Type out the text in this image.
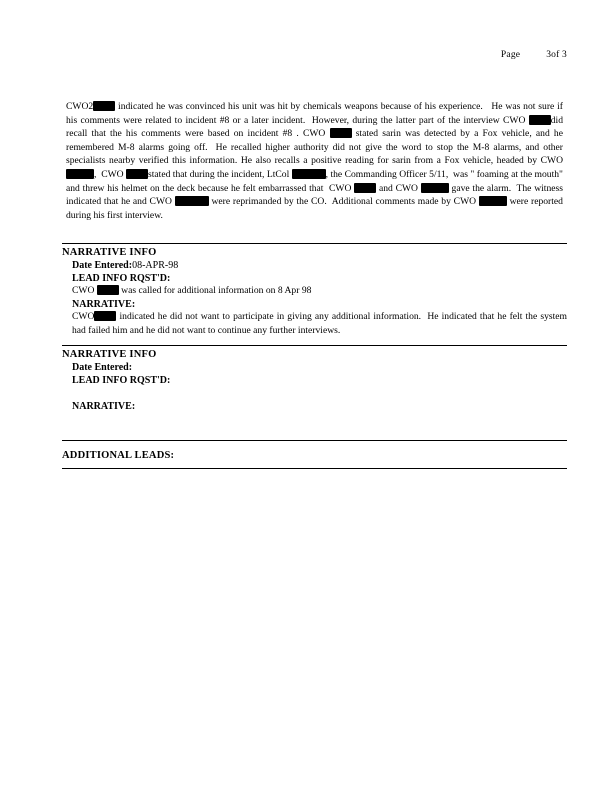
Page	3of 3

CWO2 indicated he was convinced his unit was hit by chemicals weapons because of his experience.   He was not sure if his comments were related to incident #8 or a later incident.  However, during the latter part of the interview CWO did recall that the his comments were based on incident #8 . CWO  stated sarin was detected by a Fox vehicle, and he remembered M-8 alarms going off.  He recalled higher authority did not give the word to stop the M-8 alarms, and other specialists nearby verified this information. He also recalls a positive reading for sarin from a Fox vehicle, headed by CWO ,  CWO stated that during the incident, LtCol	, the Commanding Officer 5/11,  was " foaming at the mouth" and threw his helmet on the deck because he felt embarrassed that  CWO  and CWO	gave the alarm.  The witness indicated that he and CWO	were reprimanded by the CO.  Additional comments made by CWO	were reported during his first interview.

NARRATIVE INFO
Date Entered:08-APR-98
LEAD INFO RQST'D:
CWO  was called for additional information on 8 Apr 98
NARRATIVE:
CWO indicated he did not want to participate in giving any additional information.  He indicated that he felt the system had failed him and he did not want to continue any further interviews.
NARRATIVE INFO
Date Entered:
LEAD INFO RQST'D:
NARRATIVE:
ADDITIONAL LEADS:
